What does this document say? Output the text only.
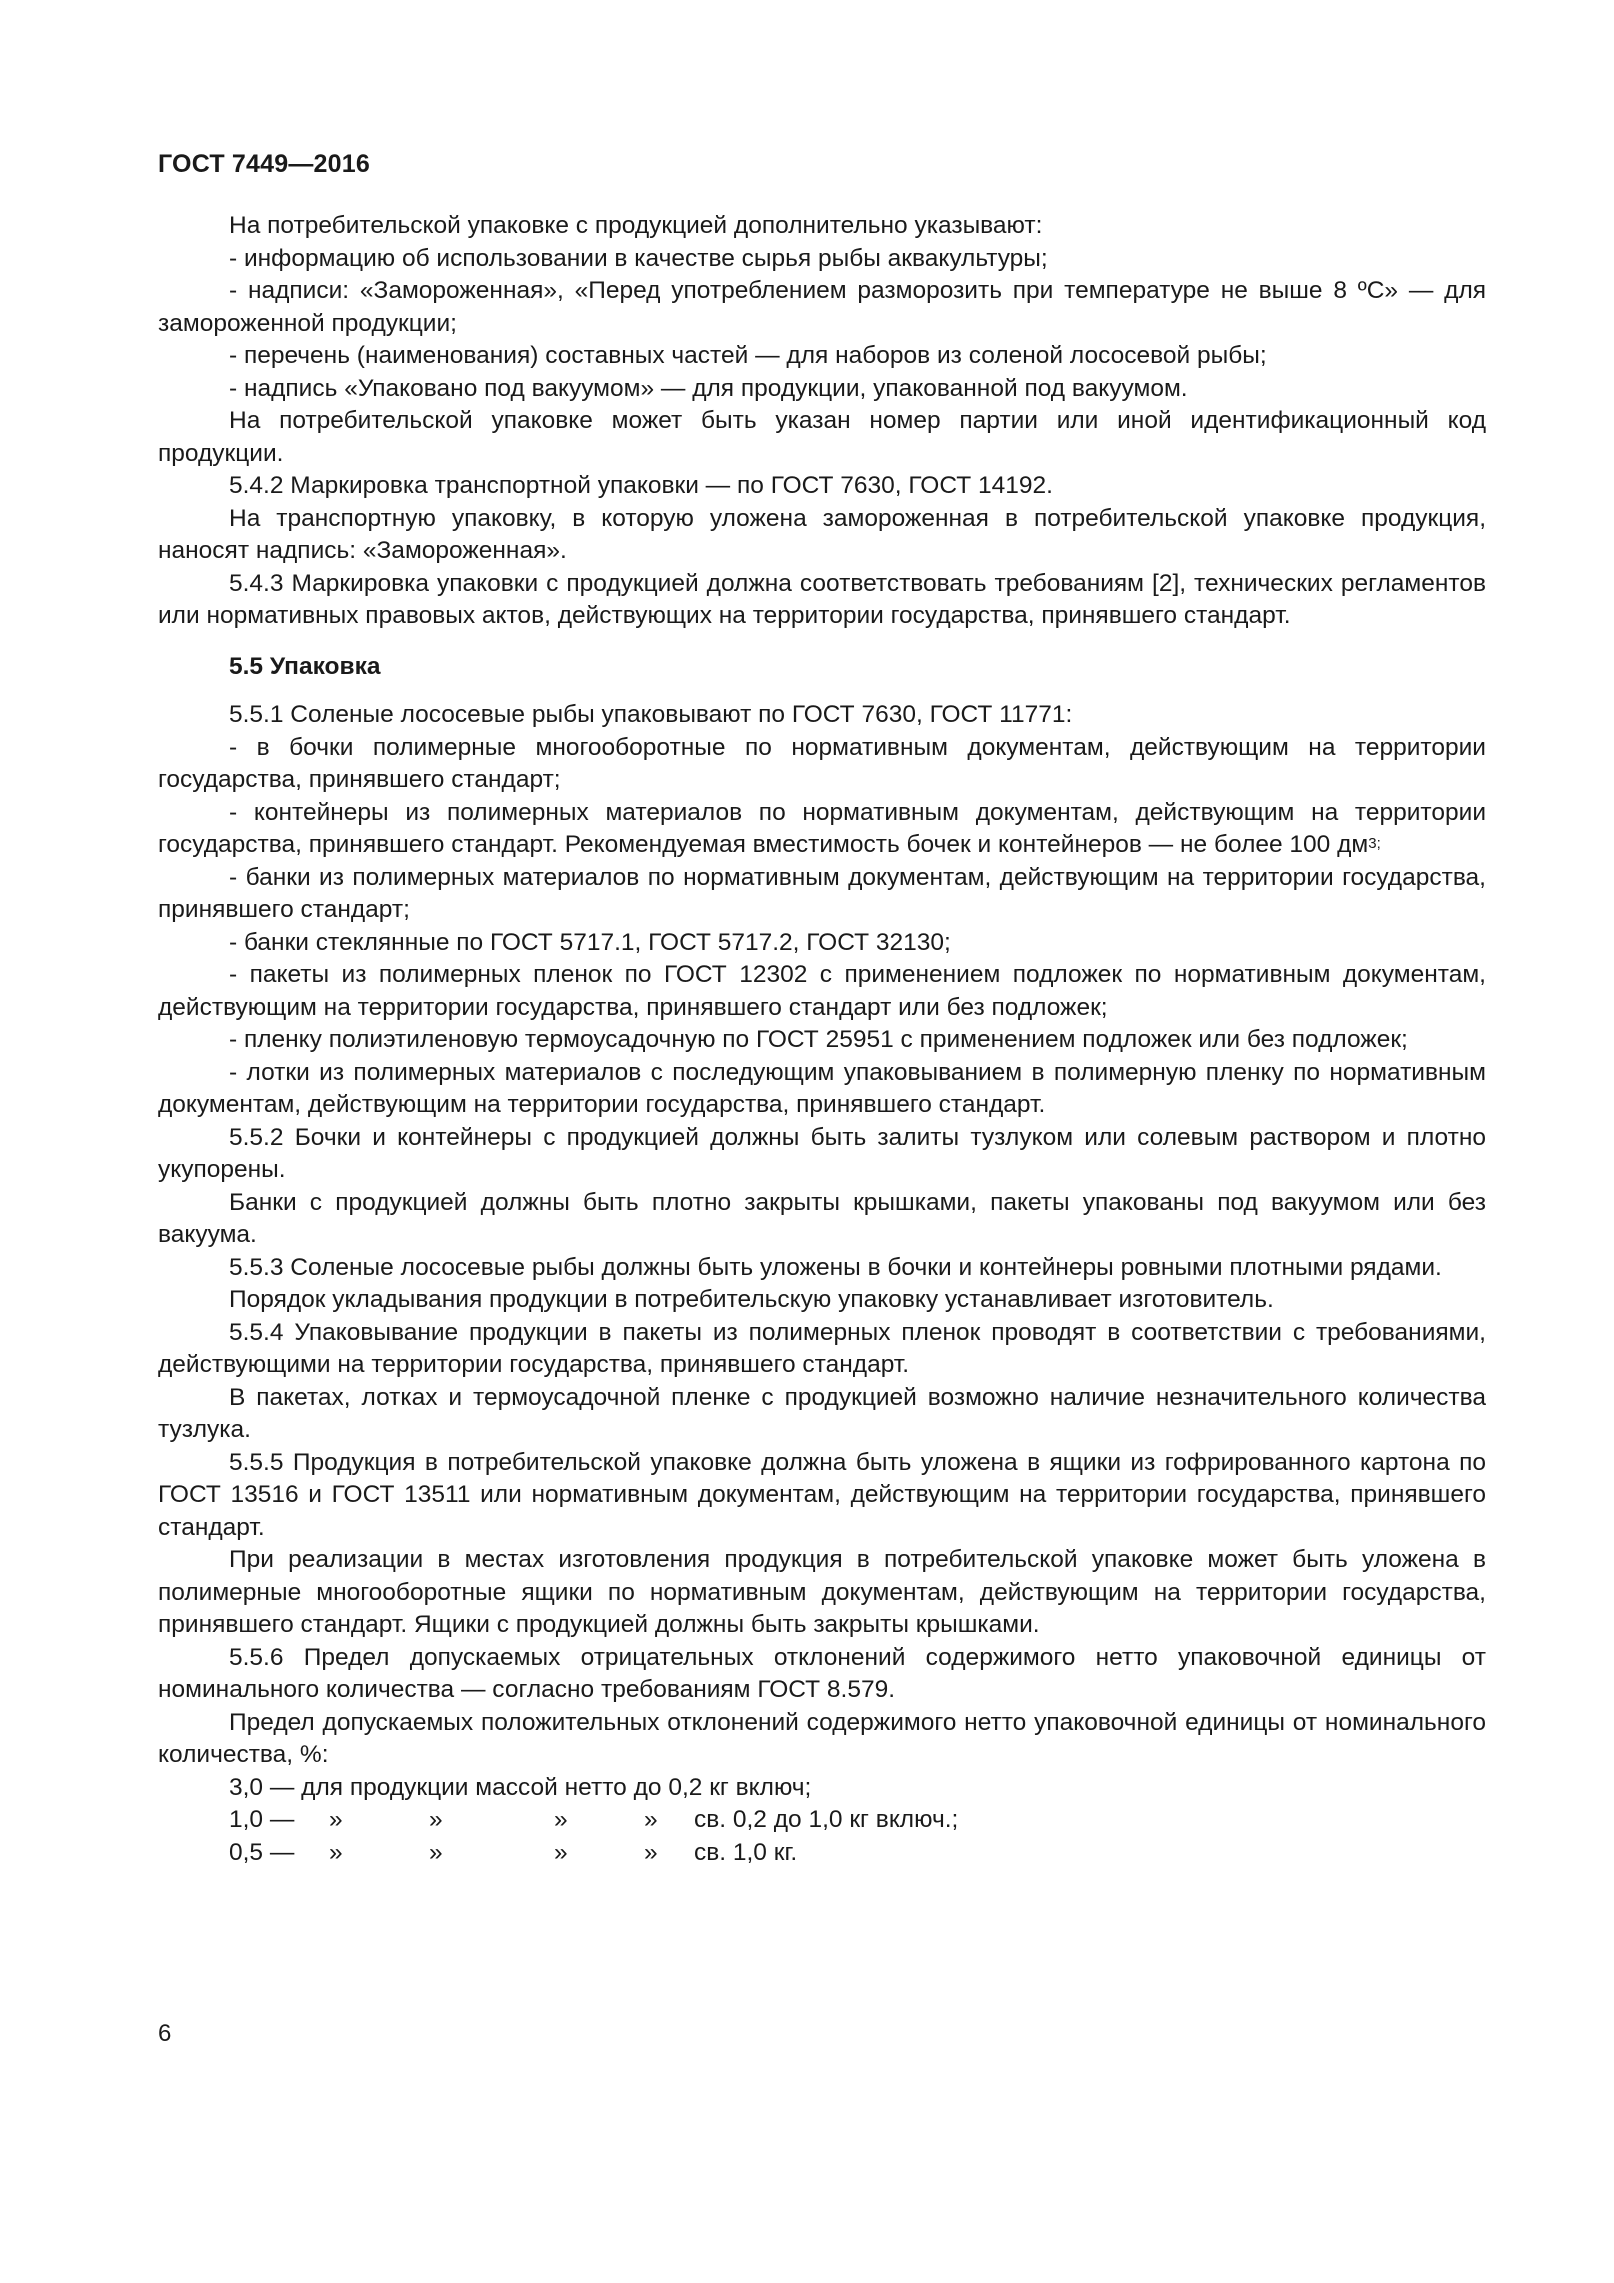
ГОСТ 7449—2016

На потребительской упаковке с продукцией дополнительно указывают:

- информацию об использовании в качестве сырья рыбы аквакультуры;

- надписи: «Замороженная», «Перед употреблением разморозить при температуре не выше 8 ºС» — для замороженной продукции;

- перечень (наименования) составных частей — для наборов из соленой лососевой рыбы;

- надпись «Упаковано под вакуумом» — для продукции, упакованной под вакуумом.

На потребительской упаковке может быть указан номер партии или иной идентификационный код продукции.

5.4.2 Маркировка транспортной упаковки — по ГОСТ 7630, ГОСТ 14192.

На транспортную упаковку, в которую уложена замороженная в потребительской упаковке продукция, наносят надпись: «Замороженная».

5.4.3 Маркировка упаковки с продукцией должна соответствовать требованиям [2], технических регламентов или нормативных правовых актов, действующих на территории государства, принявшего стандарт.

5.5 Упаковка

5.5.1 Соленые лососевые рыбы упаковывают по ГОСТ 7630, ГОСТ 11771:

- в бочки полимерные многооборотные по нормативным документам, действующим на территории государства, принявшего стандарт;

- контейнеры из полимерных материалов по нормативным документам, действующим на территории государства, принявшего стандарт. Рекомендуемая вместимость бочек и контейнеров — не более 100 $дм^{3;}$

- банки из полимерных материалов по нормативным документам, действующим на территории государства, принявшего стандарт;

- банки стеклянные по ГОСТ 5717.1, ГОСТ 5717.2, ГОСТ 32130;

- пакеты из полимерных пленок по ГОСТ 12302 с применением подложек по нормативным документам, действующим на территории государства, принявшего стандарт или без подложек;

- пленку полиэтиленовую термоусадочную по ГОСТ 25951 с применением подложек или без подложек;

- лотки из полимерных материалов с последующим упаковыванием в полимерную пленку по нормативным документам, действующим на территории государства, принявшего стандарт.

5.5.2 Бочки и контейнеры с продукцией должны быть залиты тузлуком или солевым раствором и плотно укупорены.

Банки с продукцией должны быть плотно закрыты крышками, пакеты упакованы под вакуумом или без вакуума.

5.5.3 Соленые лососевые рыбы должны быть уложены в бочки и контейнеры ровными плотными рядами.

Порядок укладывания продукции в потребительскую упаковку устанавливает изготовитель.

5.5.4 Упаковывание продукции в пакеты из полимерных пленок проводят в соответствии с требованиями, действующими на территории государства, принявшего стандарт.

В пакетах, лотках и термоусадочной пленке с продукцией возможно наличие незначительного количества тузлука.

5.5.5 Продукция в потребительской упаковке должна быть уложена в ящики из гофрированного картона по ГОСТ 13516 и ГОСТ 13511 или нормативным документам, действующим на территории государства, принявшего стандарт.

При реализации в местах изготовления продукция в потребительской упаковке может быть уложена в полимерные многооборотные ящики по нормативным документам, действующим на территории государства, принявшего стандарт. Ящики с продукцией должны быть закрыты крышками.

5.5.6 Предел допускаемых отрицательных отклонений содержимого нетто упаковочной единицы от номинального количества — согласно требованиям ГОСТ 8.579.

Предел допускаемых положительных отклонений содержимого нетто упаковочной единицы от номинального количества, %:

3,0 — для продукции массой нетто до 0,2 кг включ;

1,0 —	»	»	»	»	св. 0,2 до 1,0 кг включ.;
0,5 —	»	»	»	»	св. 1,0 кг.
6
